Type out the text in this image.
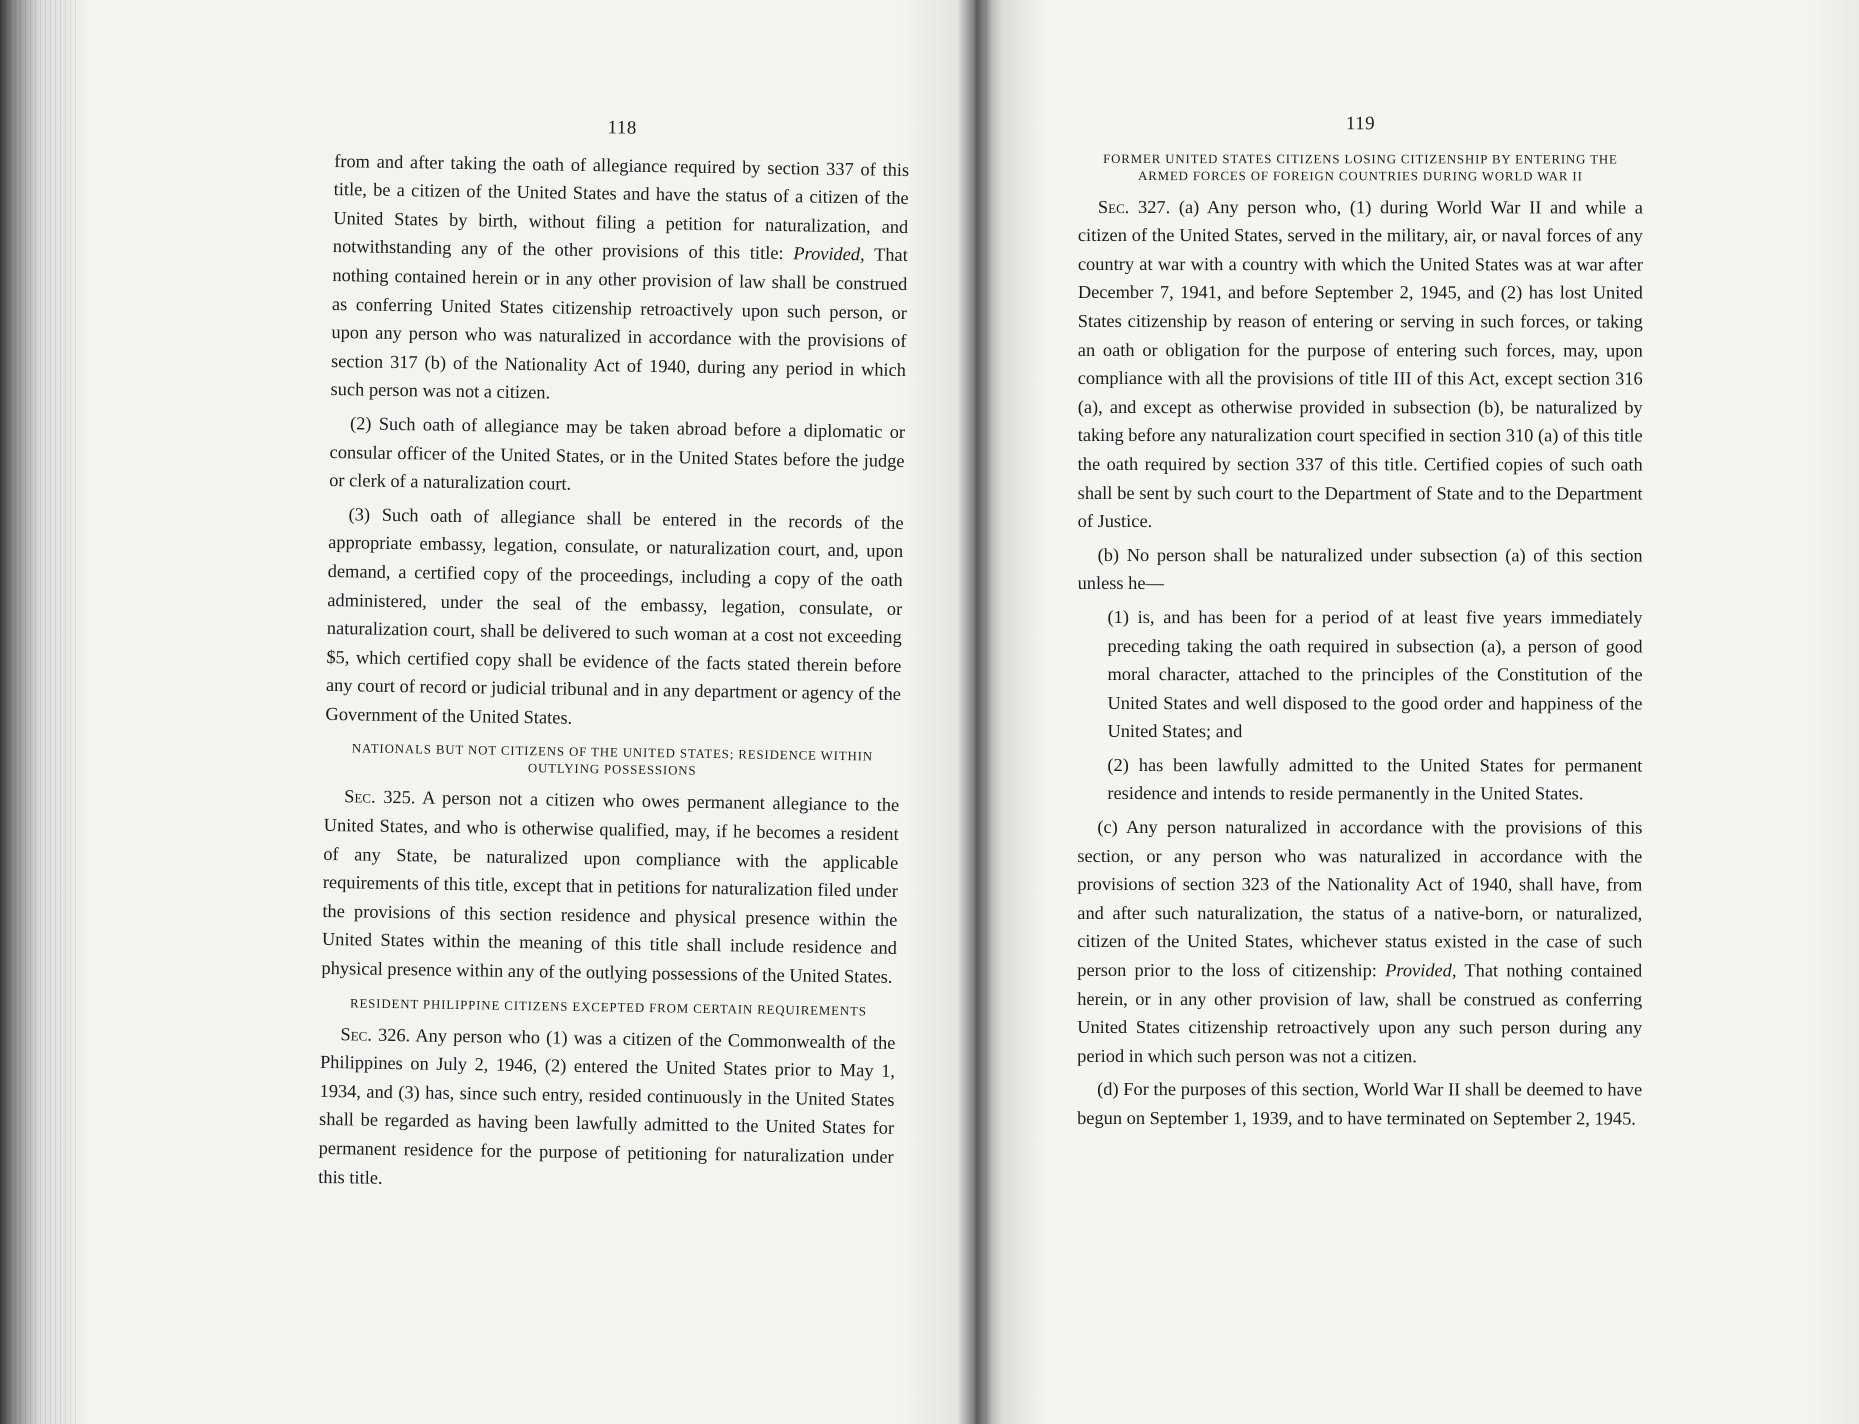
118

from and after taking the oath of allegiance required by section 337 of this title, be a citizen of the United States and have the status of a citizen of the United States by birth, without filing a petition for naturalization, and notwithstanding any of the other provisions of this title: Provided, That nothing contained herein or in any other provision of law shall be construed as conferring United States citizenship retroactively upon such person, or upon any person who was naturalized in accordance with the provisions of section 317 (b) of the Nationality Act of 1940, during any period in which such person was not a citizen.

(2) Such oath of allegiance may be taken abroad before a diplomatic or consular officer of the United States, or in the United States before the judge or clerk of a naturalization court.

(3) Such oath of allegiance shall be entered in the records of the appropriate embassy, legation, consulate, or naturalization court, and, upon demand, a certified copy of the proceedings, including a copy of the oath administered, under the seal of the embassy, legation, consulate, or naturalization court, shall be delivered to such woman at a cost not exceeding $5, which certified copy shall be evidence of the facts stated therein before any court of record or judicial tribunal and in any department or agency of the Government of the United States.

NATIONALS BUT NOT CITIZENS OF THE UNITED STATES; RESIDENCE WITHIN OUTLYING POSSESSIONS

Sec. 325. A person not a citizen who owes permanent allegiance to the United States, and who is otherwise qualified, may, if he becomes a resident of any State, be naturalized upon compliance with the applicable requirements of this title, except that in petitions for naturalization filed under the provisions of this section residence and physical presence within the United States within the meaning of this title shall include residence and physical presence within any of the outlying possessions of the United States.

RESIDENT PHILIPPINE CITIZENS EXCEPTED FROM CERTAIN REQUIREMENTS

Sec. 326. Any person who (1) was a citizen of the Commonwealth of the Philippines on July 2, 1946, (2) entered the United States prior to May 1, 1934, and (3) has, since such entry, resided continuously in the United States shall be regarded as having been lawfully admitted to the United States for permanent residence for the purpose of petitioning for naturalization under this title.

119
FORMER UNITED STATES CITIZENS LOSING CITIZENSHIP BY ENTERING THE ARMED FORCES OF FOREIGN COUNTRIES DURING WORLD WAR II

Sec. 327. (a) Any person who, (1) during World War II and while a citizen of the United States, served in the military, air, or naval forces of any country at war with a country with which the United States was at war after December 7, 1941, and before September 2, 1945, and (2) has lost United States citizenship by reason of entering or serving in such forces, or taking an oath or obligation for the purpose of entering such forces, may, upon compliance with all the provisions of title III of this Act, except section 316 (a), and except as otherwise provided in subsection (b), be naturalized by taking before any naturalization court specified in section 310 (a) of this title the oath required by section 337 of this title. Certified copies of such oath shall be sent by such court to the Department of State and to the Department of Justice.

(b) No person shall be naturalized under subsection (a) of this section unless he—

(1) is, and has been for a period of at least five years immediately preceding taking the oath required in subsection (a), a person of good moral character, attached to the principles of the Constitution of the United States and well disposed to the good order and happiness of the United States; and

(2) has been lawfully admitted to the United States for permanent residence and intends to reside permanently in the United States.

(c) Any person naturalized in accordance with the provisions of this section, or any person who was naturalized in accordance with the provisions of section 323 of the Nationality Act of 1940, shall have, from and after such naturalization, the status of a native-born, or naturalized, citizen of the United States, whichever status existed in the case of such person prior to the loss of citizenship: Provided, That nothing contained herein, or in any other provision of law, shall be construed as conferring United States citizenship retroactively upon any such person during any period in which such person was not a citizen.

(d) For the purposes of this section, World War II shall be deemed to have begun on September 1, 1939, and to have terminated on September 2, 1945.
